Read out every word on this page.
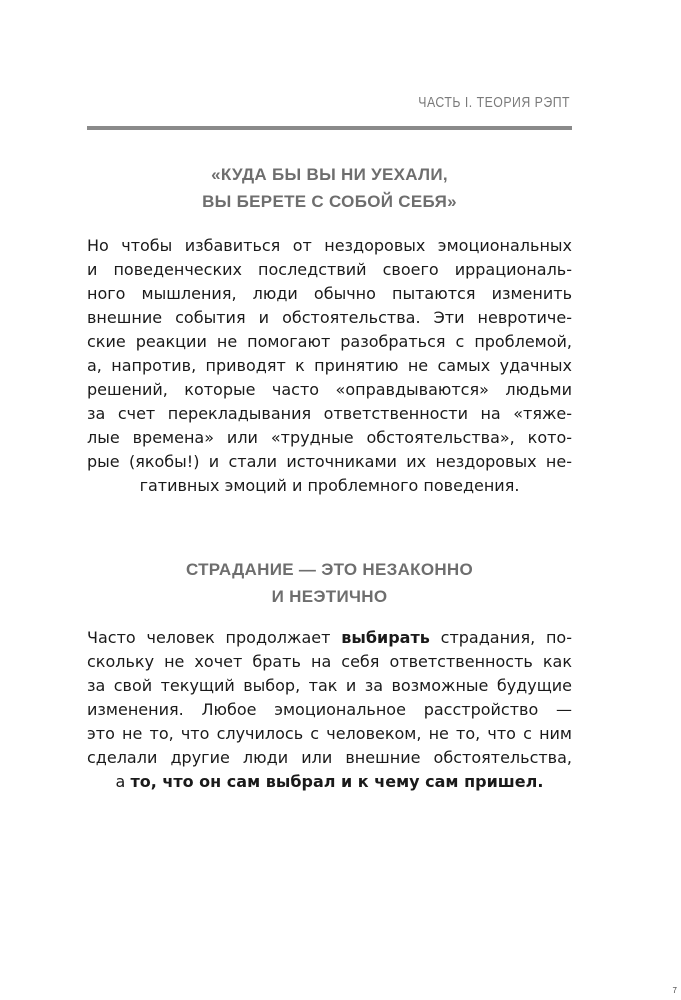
ЧАСТЬ I. ТЕОРИЯ РЭПТ
«КУДА БЫ ВЫ НИ УЕХАЛИ,
ВЫ БЕРЕТЕ С СОБОЙ СЕБЯ»
Но чтобы избавиться от нездоровых эмоциональных
и поведенческих последствий своего иррациональ-
ного мышления, люди обычно пытаются изменить
внешние события и обстоятельства. Эти невротиче-
ские реакции не помогают разобраться с проблемой,
а, напротив, приводят к принятию не самых удачных
решений, которые часто «оправдываются» людьми
за счет перекладывания ответственности на «тяже-
лые времена» или «трудные обстоятельства», кото-
рые (якобы!) и стали источниками их нездоровых не-
гативных эмоций и проблемного поведения.
СТРАДАНИЕ — ЭТО НЕЗАКОННО
И НЕЭТИЧНО
Часто человек продолжает выбирать страдания, по-
скольку не хочет брать на себя ответственность как
за свой текущий выбор, так и за возможные будущие
изменения. Любое эмоциональное расстройство —
это не то, что случилось с человеком, не то, что с ним
сделали другие люди или внешние обстоятельства,
а то, что он сам выбрал и к чему сам пришел.
7
